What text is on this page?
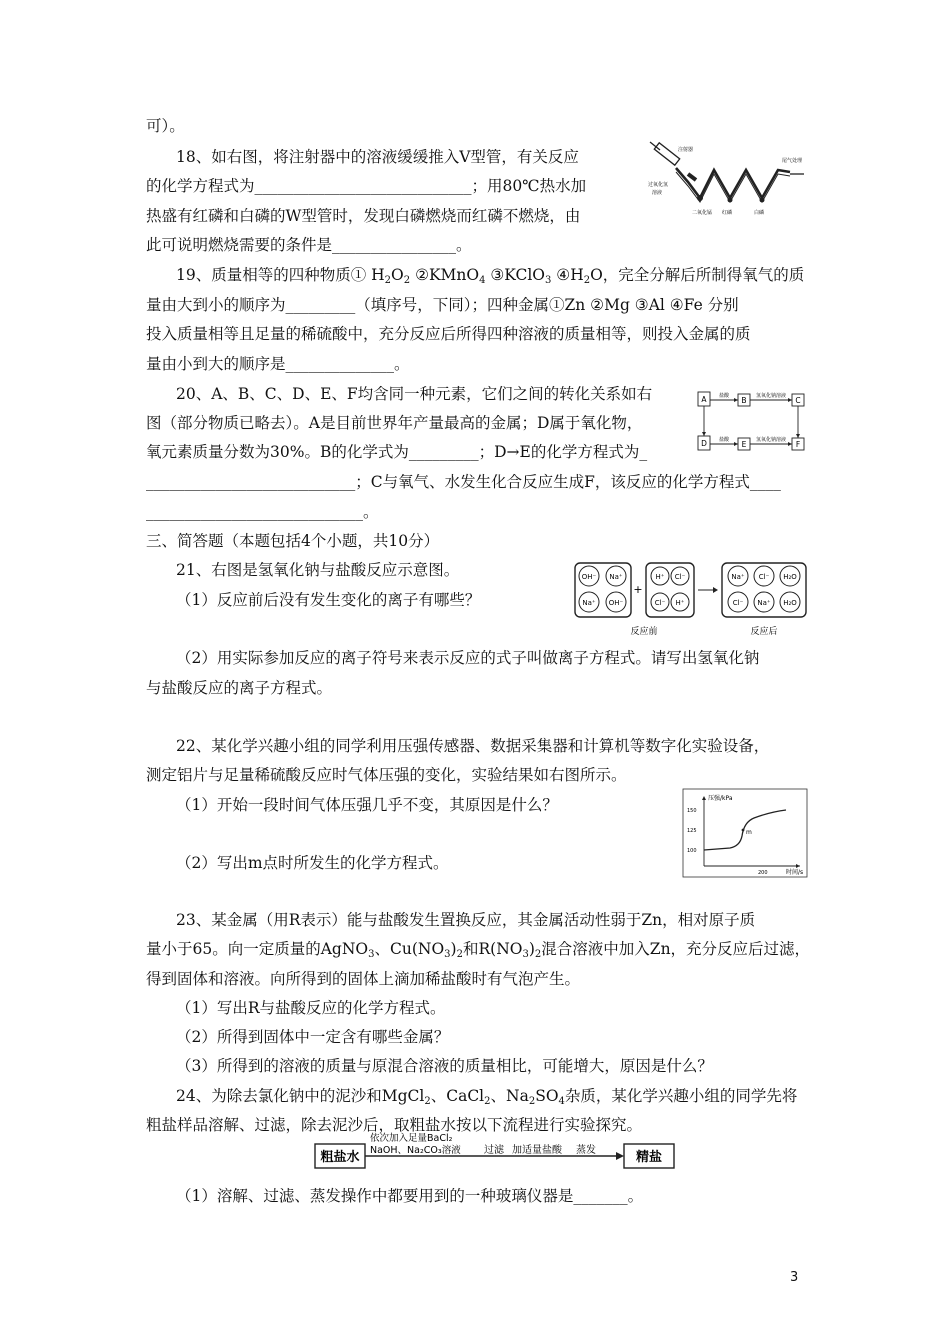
可）。
18、如右图，将注射器中的溶液缓缓推入V型管，有关反应
的化学方程式为____________________________；用80℃热水加
热盛有红磷和白磷的W型管时，发现白磷燃烧而红磷不燃烧，由
此可说明燃烧需要的条件是________________。
19、质量相等的四种物质① $H_2O_2$ ②KMnO$_4$ ③KClO$_3$ $④H_2O$，完全分解后所制得氧气的质
量由大到小的顺序为_________（填序号，下同）；四种金属①Zn ②Mg ③Al ④Fe 分别
投入质量相等且足量的稀硫酸中，充分反应后所得四种溶液的质量相等，则投入金属的质
量由小到大的顺序是______________。
20、A、B、C、D、E、F均含同一种元素，它们之间的转化关系如右
图（部分物质已略去）。A是目前世界年产量最高的金属；D属于氧化物，
氧元素质量分数为30%。B的化学式为_________；D→E的化学方程式为_
___________________________；C与氧气、水发生化合反应生成F，该反应的化学方程式____
____________________________。
三、简答题（本题包括4个小题，共10分）
21、右图是氢氧化钠与盐酸反应示意图。
（1）反应前后没有发生变化的离子有哪些？
（2）用实际参加反应的离子符号来表示反应的式子叫做离子方程式。请写出氢氧化钠
与盐酸反应的离子方程式。
22、某化学兴趣小组的同学利用压强传感器、数据采集器和计算机等数字化实验设备，
测定铝片与足量稀硫酸反应时气体压强的变化，实验结果如右图所示。
（1）开始一段时间气体压强几乎不变，其原因是什么？
（2）写出m点时所发生的化学方程式。
23、某金属（用R表示）能与盐酸发生置换反应，其金属活动性弱于Zn，相对原子质
量小于65。向一定质量的AgNO$_3$、$Cu(NO_3)_2$和$R(NO_3)_2$混合溶液中加入Zn，充分反应后过滤，
得到固体和溶液。向所得到的固体上滴加稀盐酸时有气泡产生。
（1）写出R与盐酸反应的化学方程式。
（2）所得到固体中一定含有哪些金属？
（3）所得到的溶液的质量与原混合溶液的质量相比，可能增大，原因是什么？
24、为除去氯化钠中的泥沙和MgCl$_2$、CaCl$_2$、$Na_2SO_4$杂质，某化学兴趣小组的同学先将
粗盐样品溶解、过滤，除去泥沙后，取粗盐水按以下流程进行实验探究。
（1）溶解、过滤、蒸发操作中都要用到的一种玻璃仪器是_______。
3
注射器
过氧化氢
溶液
二氧化锰 红磷	白磷
尾气处理
A	B	C
D	E	F
盐酸	氢氧化钠溶液
盐酸	氢氧化钠溶液
OH⁻ Na⁺
Na⁺ OH⁻
H⁺ Cl⁻
Cl⁻ H⁺
Na⁺ Cl⁻ H₂O
Cl⁻ Na⁺ H₂O
+
反应前	反应后
m
压强/kPa
时间/s
150
125
100
200
粗盐水	精盐
依次加入足量BaCl₂
NaOH、Na₂CO₃溶液 过滤 加适量盐酸 蒸发
